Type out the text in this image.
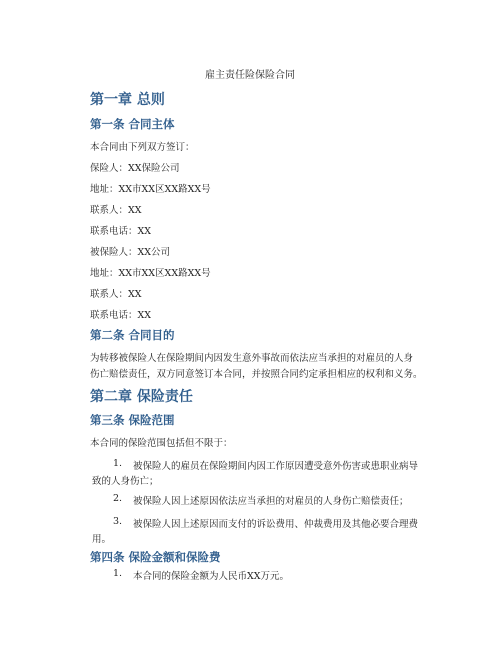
雇主责任险保险合同
第一章 总则
第一条 合同主体
本合同由下列双方签订：
保险人：XX保险公司
地址：XX市XX区XX路XX号
联系人：XX
联系电话：XX
被保险人：XX公司
地址：XX市XX区XX路XX号
联系人：XX
联系电话：XX
第二条 合同目的
为转移被保险人在保险期间内因发生意外事故而依法应当承担的对雇员的人身
伤亡赔偿责任，双方同意签订本合同，并按照合同约定承担相应的权利和义务。
第二章 保险责任
第三条 保险范围
本合同的保险范围包括但不限于：
1. 被保险人的雇员在保险期间内因工作原因遭受意外伤害或患职业病导
致的人身伤亡；
2. 被保险人因上述原因依法应当承担的对雇员的人身伤亡赔偿责任；
3. 被保险人因上述原因而支付的诉讼费用、仲裁费用及其他必要合理费
用。
第四条 保险金额和保险费
1. 本合同的保险金额为人民币XX万元。
